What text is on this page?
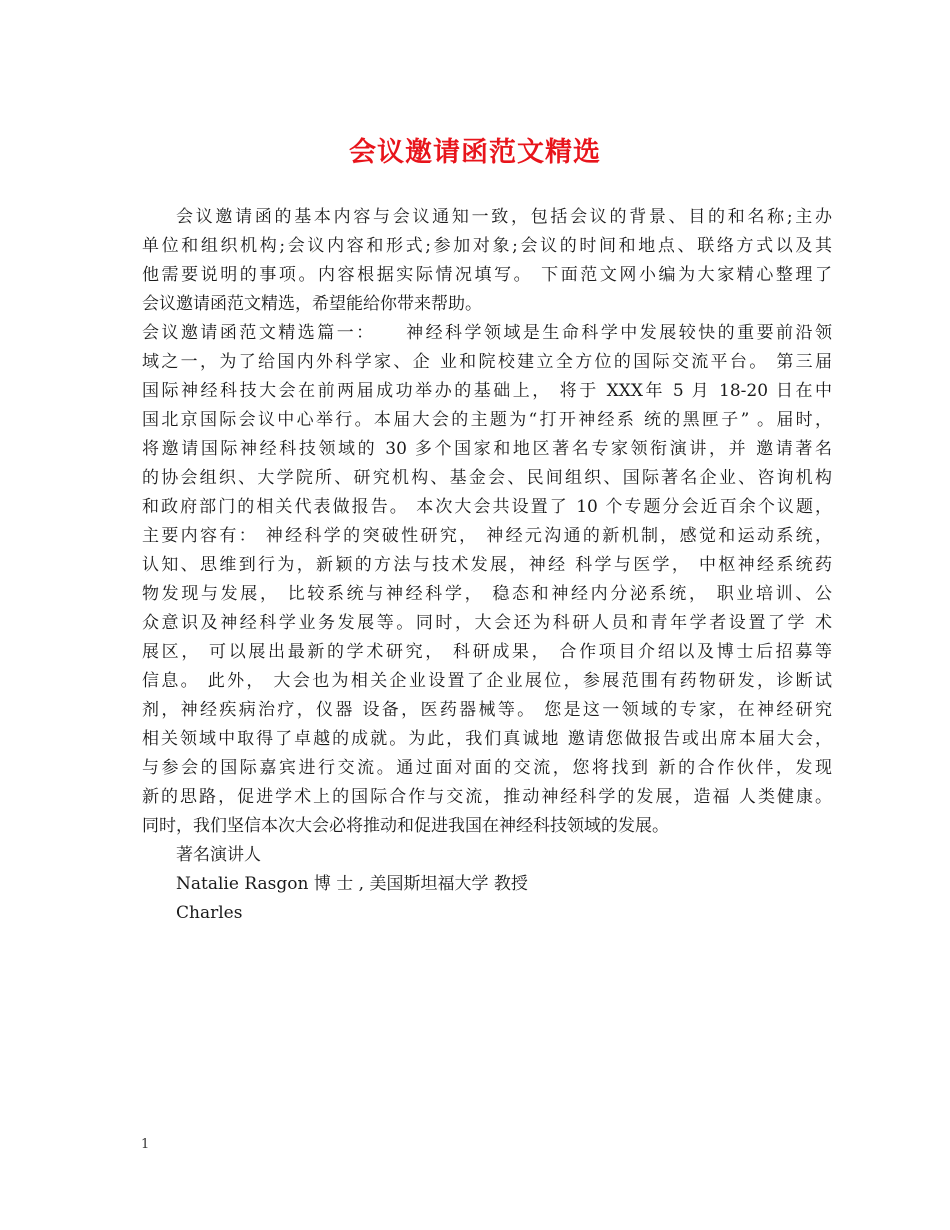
会议邀请函范文精选
会议邀请函的基本内容与会议通知一致，包括会议的背景、目的和名称;主办
单位和组织机构;会议内容和形式;参加对象;会议的时间和地点、联络方式以及其
他需要说明的事项。内容根据实际情况填写。 下面范文网小编为大家精心整理了
会议邀请函范文精选，希望能给你带来帮助。
会议邀请函范文精选篇一：　　神经科学领域是生命科学中发展较快的重要前沿领
域之一，为了给国内外科学家、企 业和院校建立全方位的国际交流平台。 第三届
国际神经科技大会在前两届成功举办的基础上， 将于 XXX年 5 月 18-20 日在中
国北京国际会议中心举行。本届大会的主题为“打开神经系 统的黑匣子” 。届时，
将邀请国际神经科技领域的 30 多个国家和地区著名专家领衔演讲，并 邀请著名
的协会组织、大学院所、研究机构、基金会、民间组织、国际著名企业、咨询机构
和政府部门的相关代表做报告。 本次大会共设置了 10 个专题分会近百余个议题，
主要内容有： 神经科学的突破性研究， 神经元沟通的新机制，感觉和运动系统，
认知、思维到行为，新颖的方法与技术发展，神经 科学与医学， 中枢神经系统药
物发现与发展， 比较系统与神经科学， 稳态和神经内分泌系统， 职业培训、公
众意识及神经科学业务发展等。同时，大会还为科研人员和青年学者设置了学 术
展区， 可以展出最新的学术研究， 科研成果， 合作项目介绍以及博士后招募等
信息。 此外， 大会也为相关企业设置了企业展位，参展范围有药物研发，诊断试
剂，神经疾病治疗，仪器 设备，医药器械等。 您是这一领域的专家，在神经研究
相关领域中取得了卓越的成就。为此，我们真诚地 邀请您做报告或出席本届大会，
与参会的国际嘉宾进行交流。通过面对面的交流，您将找到 新的合作伙伴，发现
新的思路，促进学术上的国际合作与交流，推动神经科学的发展，造福 人类健康。
同时，我们坚信本次大会必将推动和促进我国在神经科技领域的发展。
著名演讲人
Natalie Rasgon 博 士 , 美国斯坦福大学 教授
Charles
1
